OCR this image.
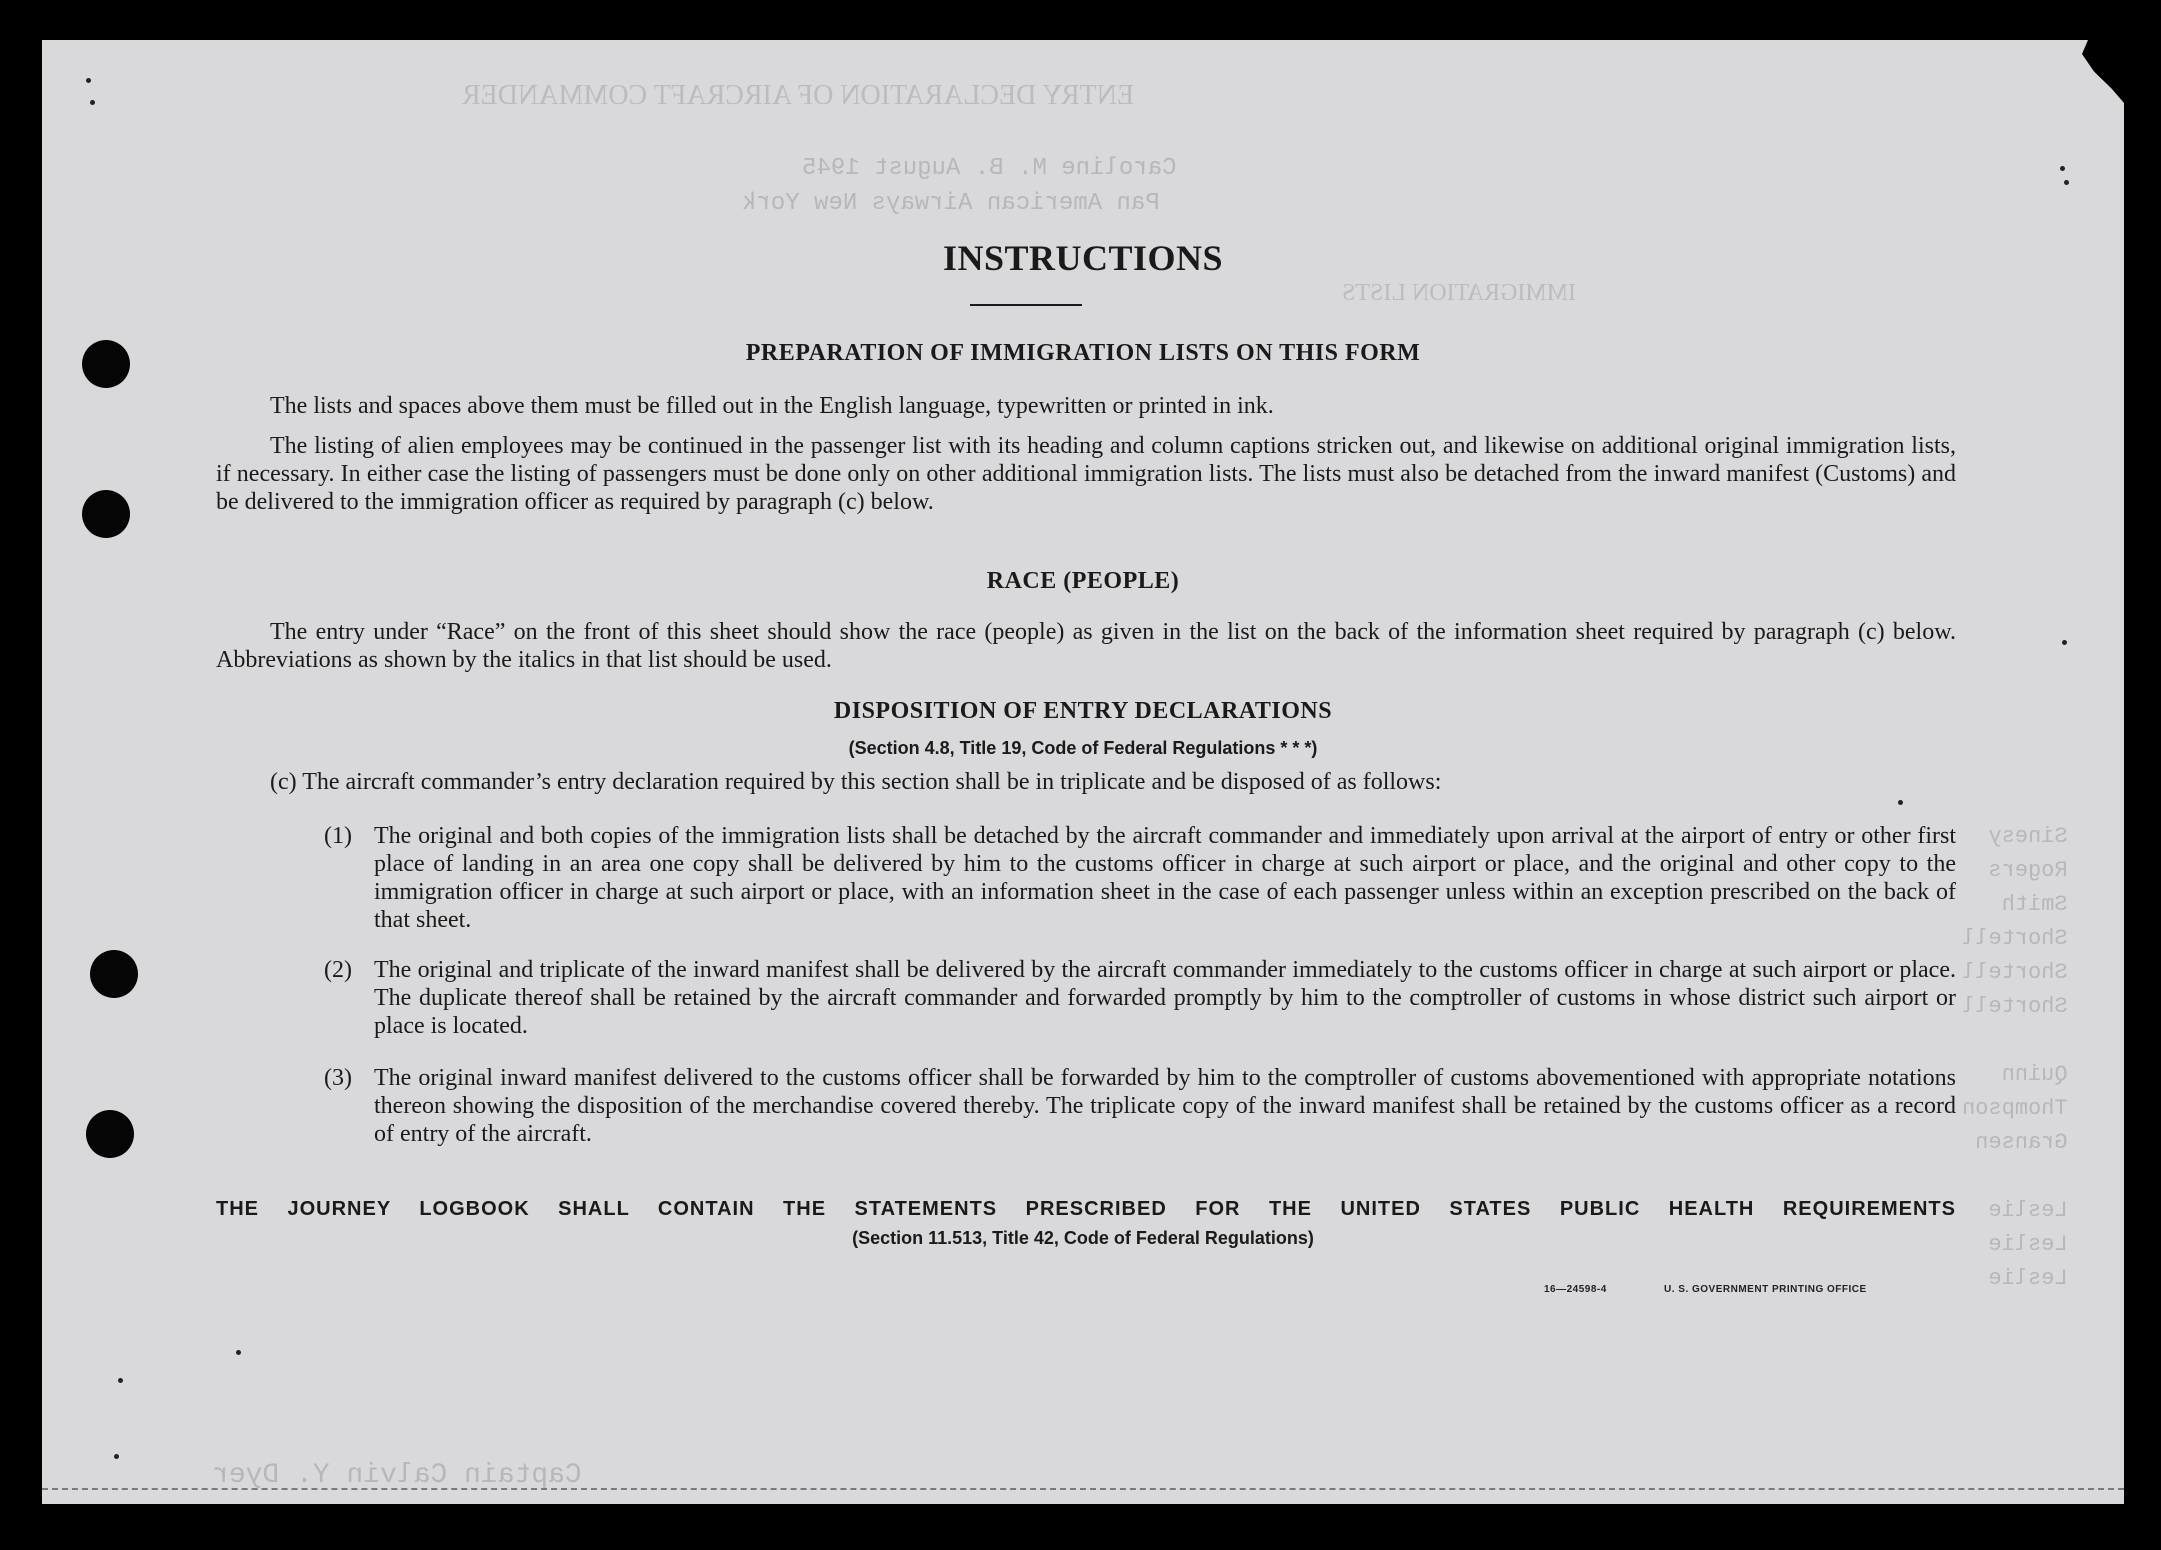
ENTRY DECLARATION OF AIRCRAFT COMMANDER
Caroline M. B. August 1945
Pan American Airways New York
IMMIGRATION LISTS
Sinesy
Rogers
Smith
Shortell
Shortell
Shortell

Quinn
Thompson
Gransen

Leslie
Leslie
Leslie
Captain Calvin Y. Dyer
INSTRUCTIONS
PREPARATION OF IMMIGRATION LISTS ON THIS FORM
The lists and spaces above them must be filled out in the English language, typewritten or printed in ink.
The listing of alien employees may be continued in the passenger list with its heading and column captions stricken out, and likewise on additional original immigration lists, if necessary. In either case the listing of passengers must be done only on other additional immigration lists. The lists must also be detached from the inward manifest (Customs) and be delivered to the immigration officer as required by paragraph (c) below.
RACE (PEOPLE)
The entry under “Race” on the front of this sheet should show the race (people) as given in the list on the back of the information sheet required by paragraph (c) below. Abbreviations as shown by the italics in that list should be used.
DISPOSITION OF ENTRY DECLARATIONS
(Section 4.8, Title 19, Code of Federal Regulations * * *)
(c) The aircraft commander’s entry declaration required by this section shall be in triplicate and be disposed of as follows:
(1) The original and both copies of the immigration lists shall be detached by the aircraft commander and immediately upon arrival at the airport of entry or other first place of landing in an area one copy shall be delivered by him to the customs officer in charge at such airport or place, and the original and other copy to the immigration officer in charge at such airport or place, with an information sheet in the case of each passenger unless within an exception prescribed on the back of that sheet.
(2) The original and triplicate of the inward manifest shall be delivered by the aircraft commander immediately to the customs officer in charge at such airport or place. The duplicate thereof shall be retained by the aircraft commander and forwarded promptly by him to the comptroller of customs in whose district such airport or place is located.
(3) The original inward manifest delivered to the customs officer shall be forwarded by him to the comptroller of customs abovementioned with appropriate notations thereon showing the disposition of the merchandise covered thereby. The triplicate copy of the inward manifest shall be retained by the customs officer as a record of entry of the aircraft.
THE JOURNEY LOGBOOK SHALL CONTAIN THE STATEMENTS PRESCRIBED FOR THE UNITED STATES PUBLIC HEALTH REQUIREMENTS
(Section 11.513, Title 42, Code of Federal Regulations)
16—24598-4	U. S. GOVERNMENT PRINTING OFFICE
